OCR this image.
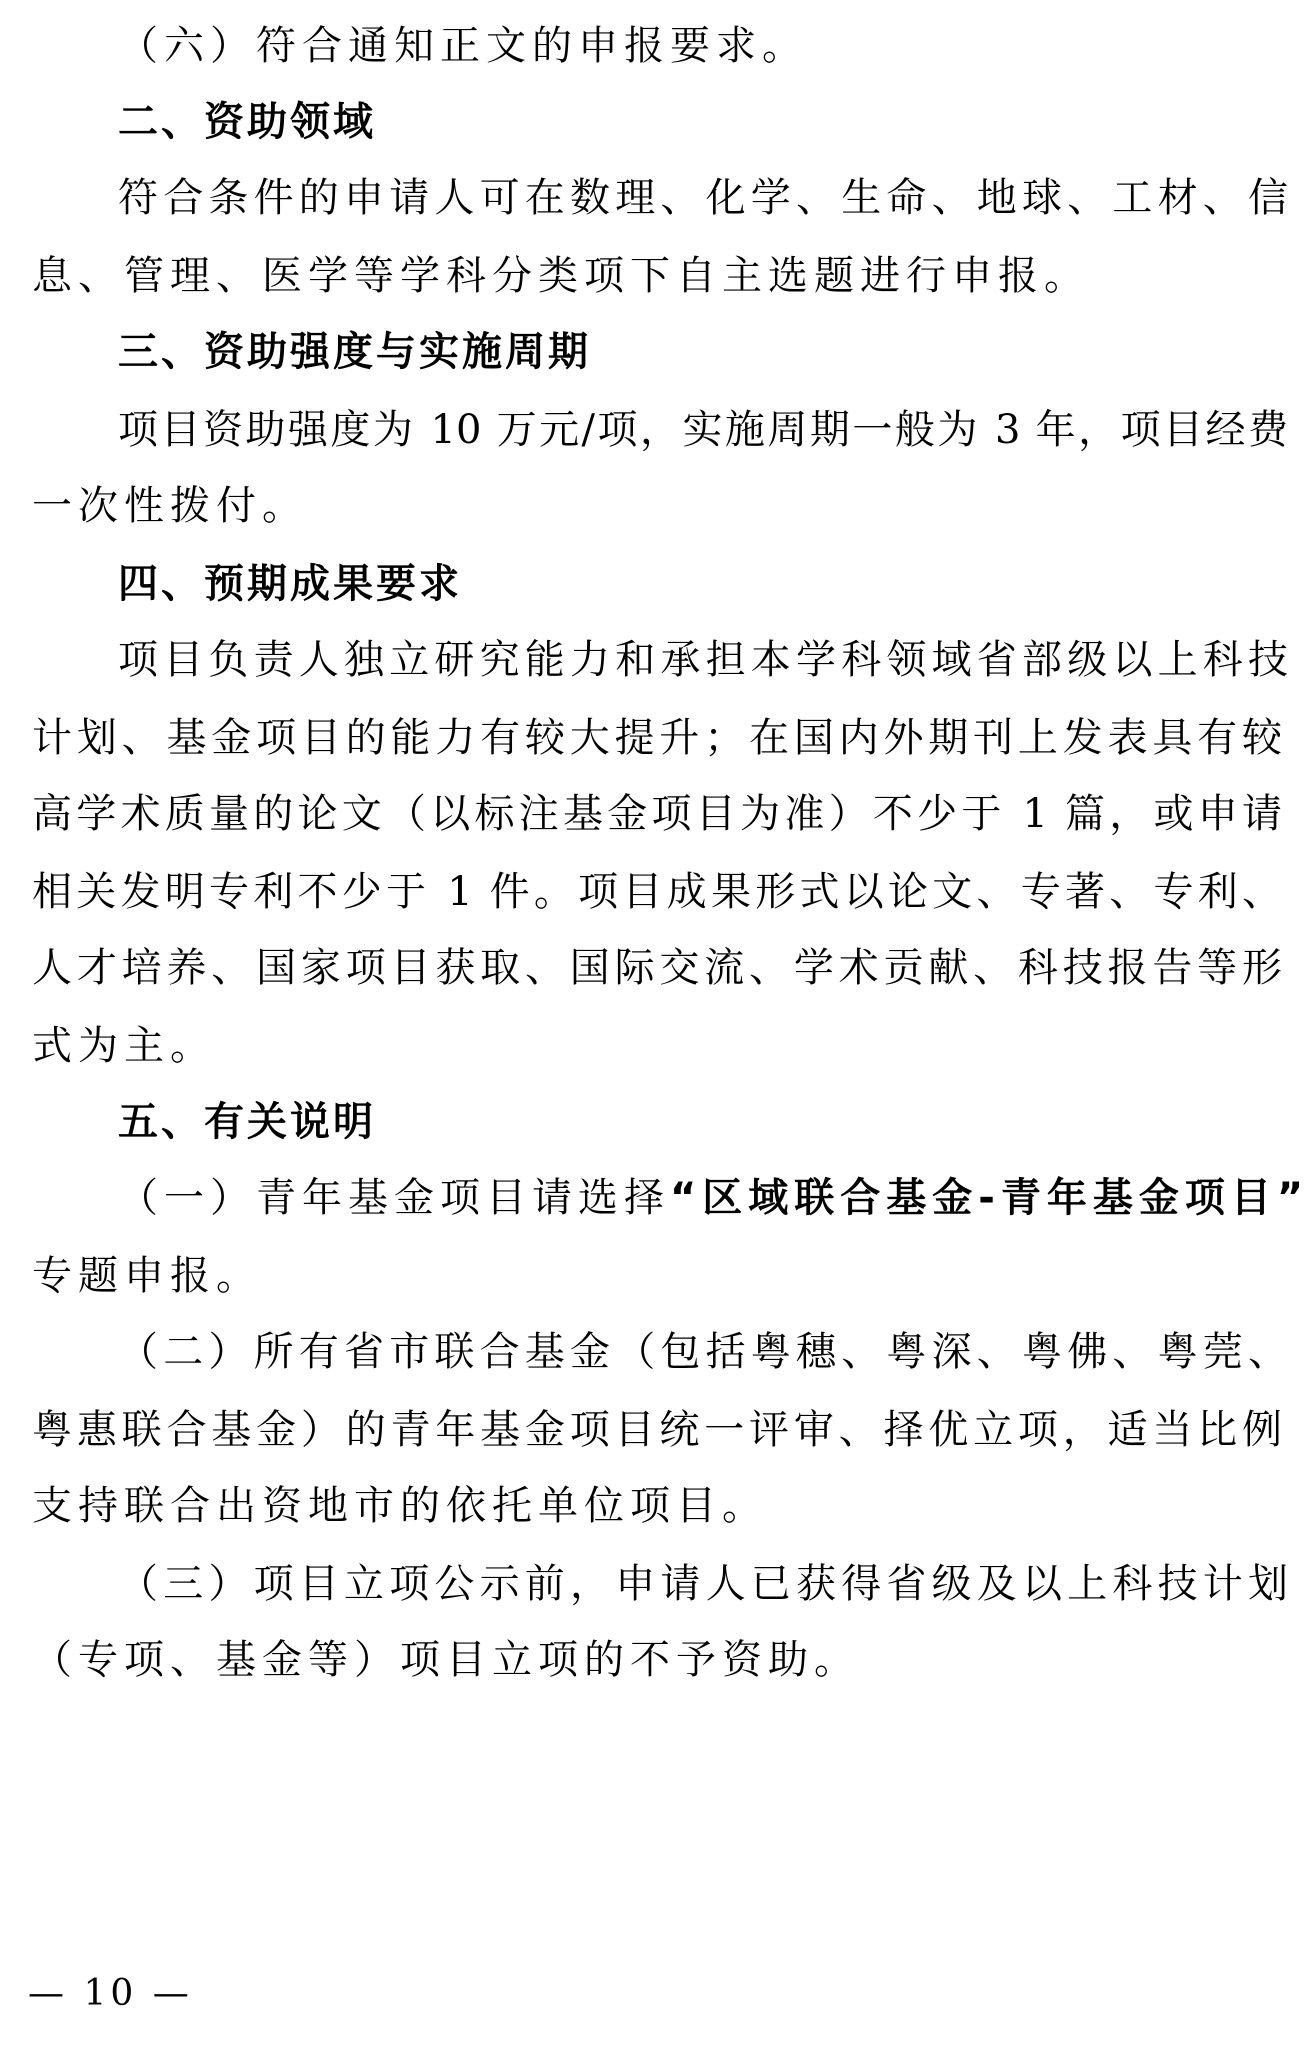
（六）符合通知正文的申报要求。
二、资助领域
符合条件的申请人可在数理、化学、生命、地球、工材、信
息、管理、医学等学科分类项下自主选题进行申报。
三、资助强度与实施周期
项目资助强度为 10 万元/项，实施周期一般为 3 年，项目经费
一次性拨付。
四、预期成果要求
项目负责人独立研究能力和承担本学科领域省部级以上科技
计划、基金项目的能力有较大提升；在国内外期刊上发表具有较
高学术质量的论文（以标注基金项目为准）不少于 1 篇，或申请
相关发明专利不少于 1 件。项目成果形式以论文、专著、专利、
人才培养、国家项目获取、国际交流、学术贡献、科技报告等形
式为主。
五、有关说明
（一）青年基金项目请选择“区域联合基金-青年基金项目”
专题申报。
（二）所有省市联合基金（包括粤穗、粤深、粤佛、粤莞、
粤惠联合基金）的青年基金项目统一评审、择优立项，适当比例
支持联合出资地市的依托单位项目。
（三）项目立项公示前，申请人已获得省级及以上科技计划
（专项、基金等）项目立项的不予资助。
— 10 —
